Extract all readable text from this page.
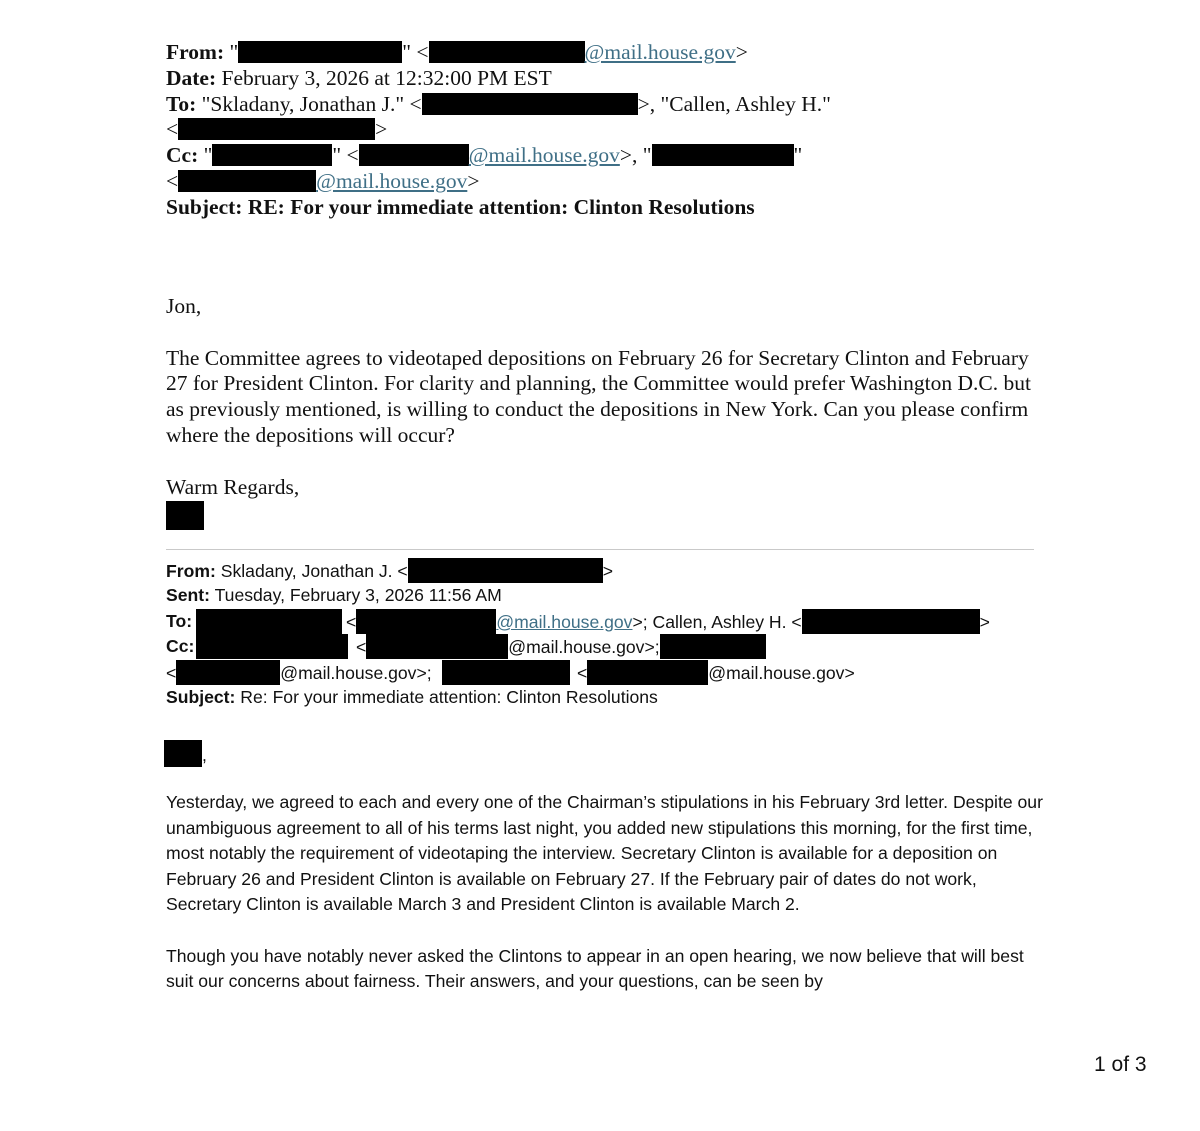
From: "	" <	@mail.house.gov>
Date: February 3, 2026 at 12:32:00 PM EST
To: "Skladany, Jonathan J." <	>, "Callen, Ashley H."
<	>
Cc: "	" <	@mail.house.gov>, "	"
<	@mail.house.gov>
Subject: RE: For your immediate attention: Clinton Resolutions

Jon,

The Committee agrees to videotaped depositions on February 26 for Secretary Clinton and February 27 for President Clinton. For clarity and planning, the Committee would prefer Washington D.C. but as previously mentioned, is willing to conduct the depositions in New York. Can you please confirm where the depositions will occur?

Warm Regards,

From: Skladany, Jonathan J. <	>
Sent: Tuesday, February 3, 2026 11:56 AM
To:	<	@mail.house.gov>; Callen, Ashley H. <	>
Cc:	<	@mail.house.gov>;
<	@mail.house.gov>;	<	@mail.house.gov>
Subject: Re: For your immediate attention: Clinton Resolutions
,

Yesterday, we agreed to each and every one of the Chairman’s stipulations in his February 3rd letter. Despite our unambiguous agreement to all of his terms last night, you added new stipulations this morning, for the first time, most notably the requirement of videotaping the interview. Secretary Clinton is available for a deposition on February 26 and President Clinton is available on February 27. If the February pair of dates do not work, Secretary Clinton is available March 3 and President Clinton is available March 2.

Though you have notably never asked the Clintons to appear in an open hearing, we now believe that will best suit our concerns about fairness. Their answers, and your questions, can be seen by

1 of 3
